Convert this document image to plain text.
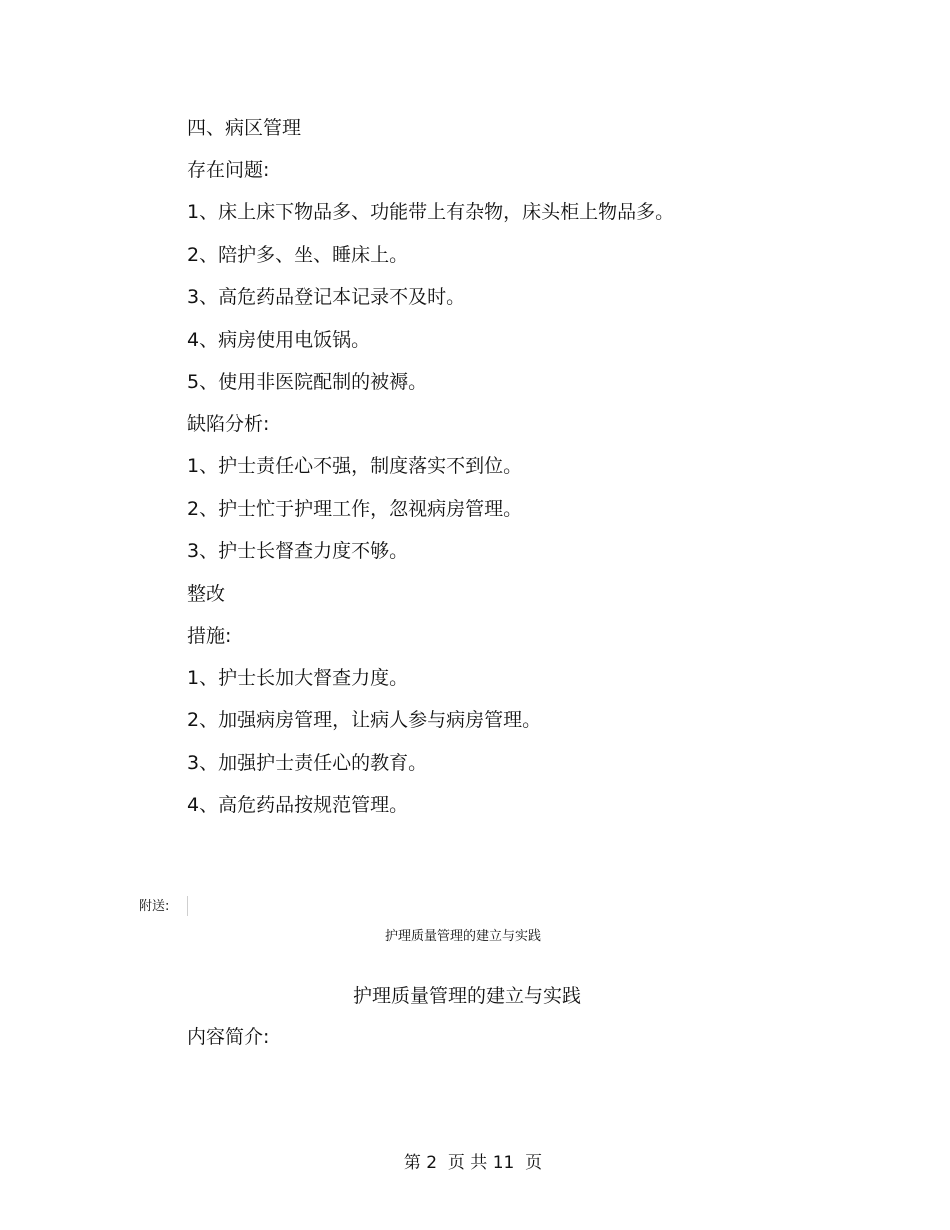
四、病区管理
存在问题:
1、床上床下物品多、功能带上有杂物，床头柜上物品多。
2、陪护多、坐、睡床上。
3、高危药品登记本记录不及时。
4、病房使用电饭锅。
5、使用非医院配制的被褥。
缺陷分析:
1、护士责任心不强，制度落实不到位。
2、护士忙于护理工作，忽视病房管理。
3、护士长督查力度不够。
整改
措施:
1、护士长加大督查力度。
2、加强病房管理，让病人参与病房管理。
3、加强护士责任心的教育。
4、高危药品按规范管理。
附送:
护理质量管理的建立与实践
护理质量管理的建立与实践
内容简介:
第 2  页 共 11  页
